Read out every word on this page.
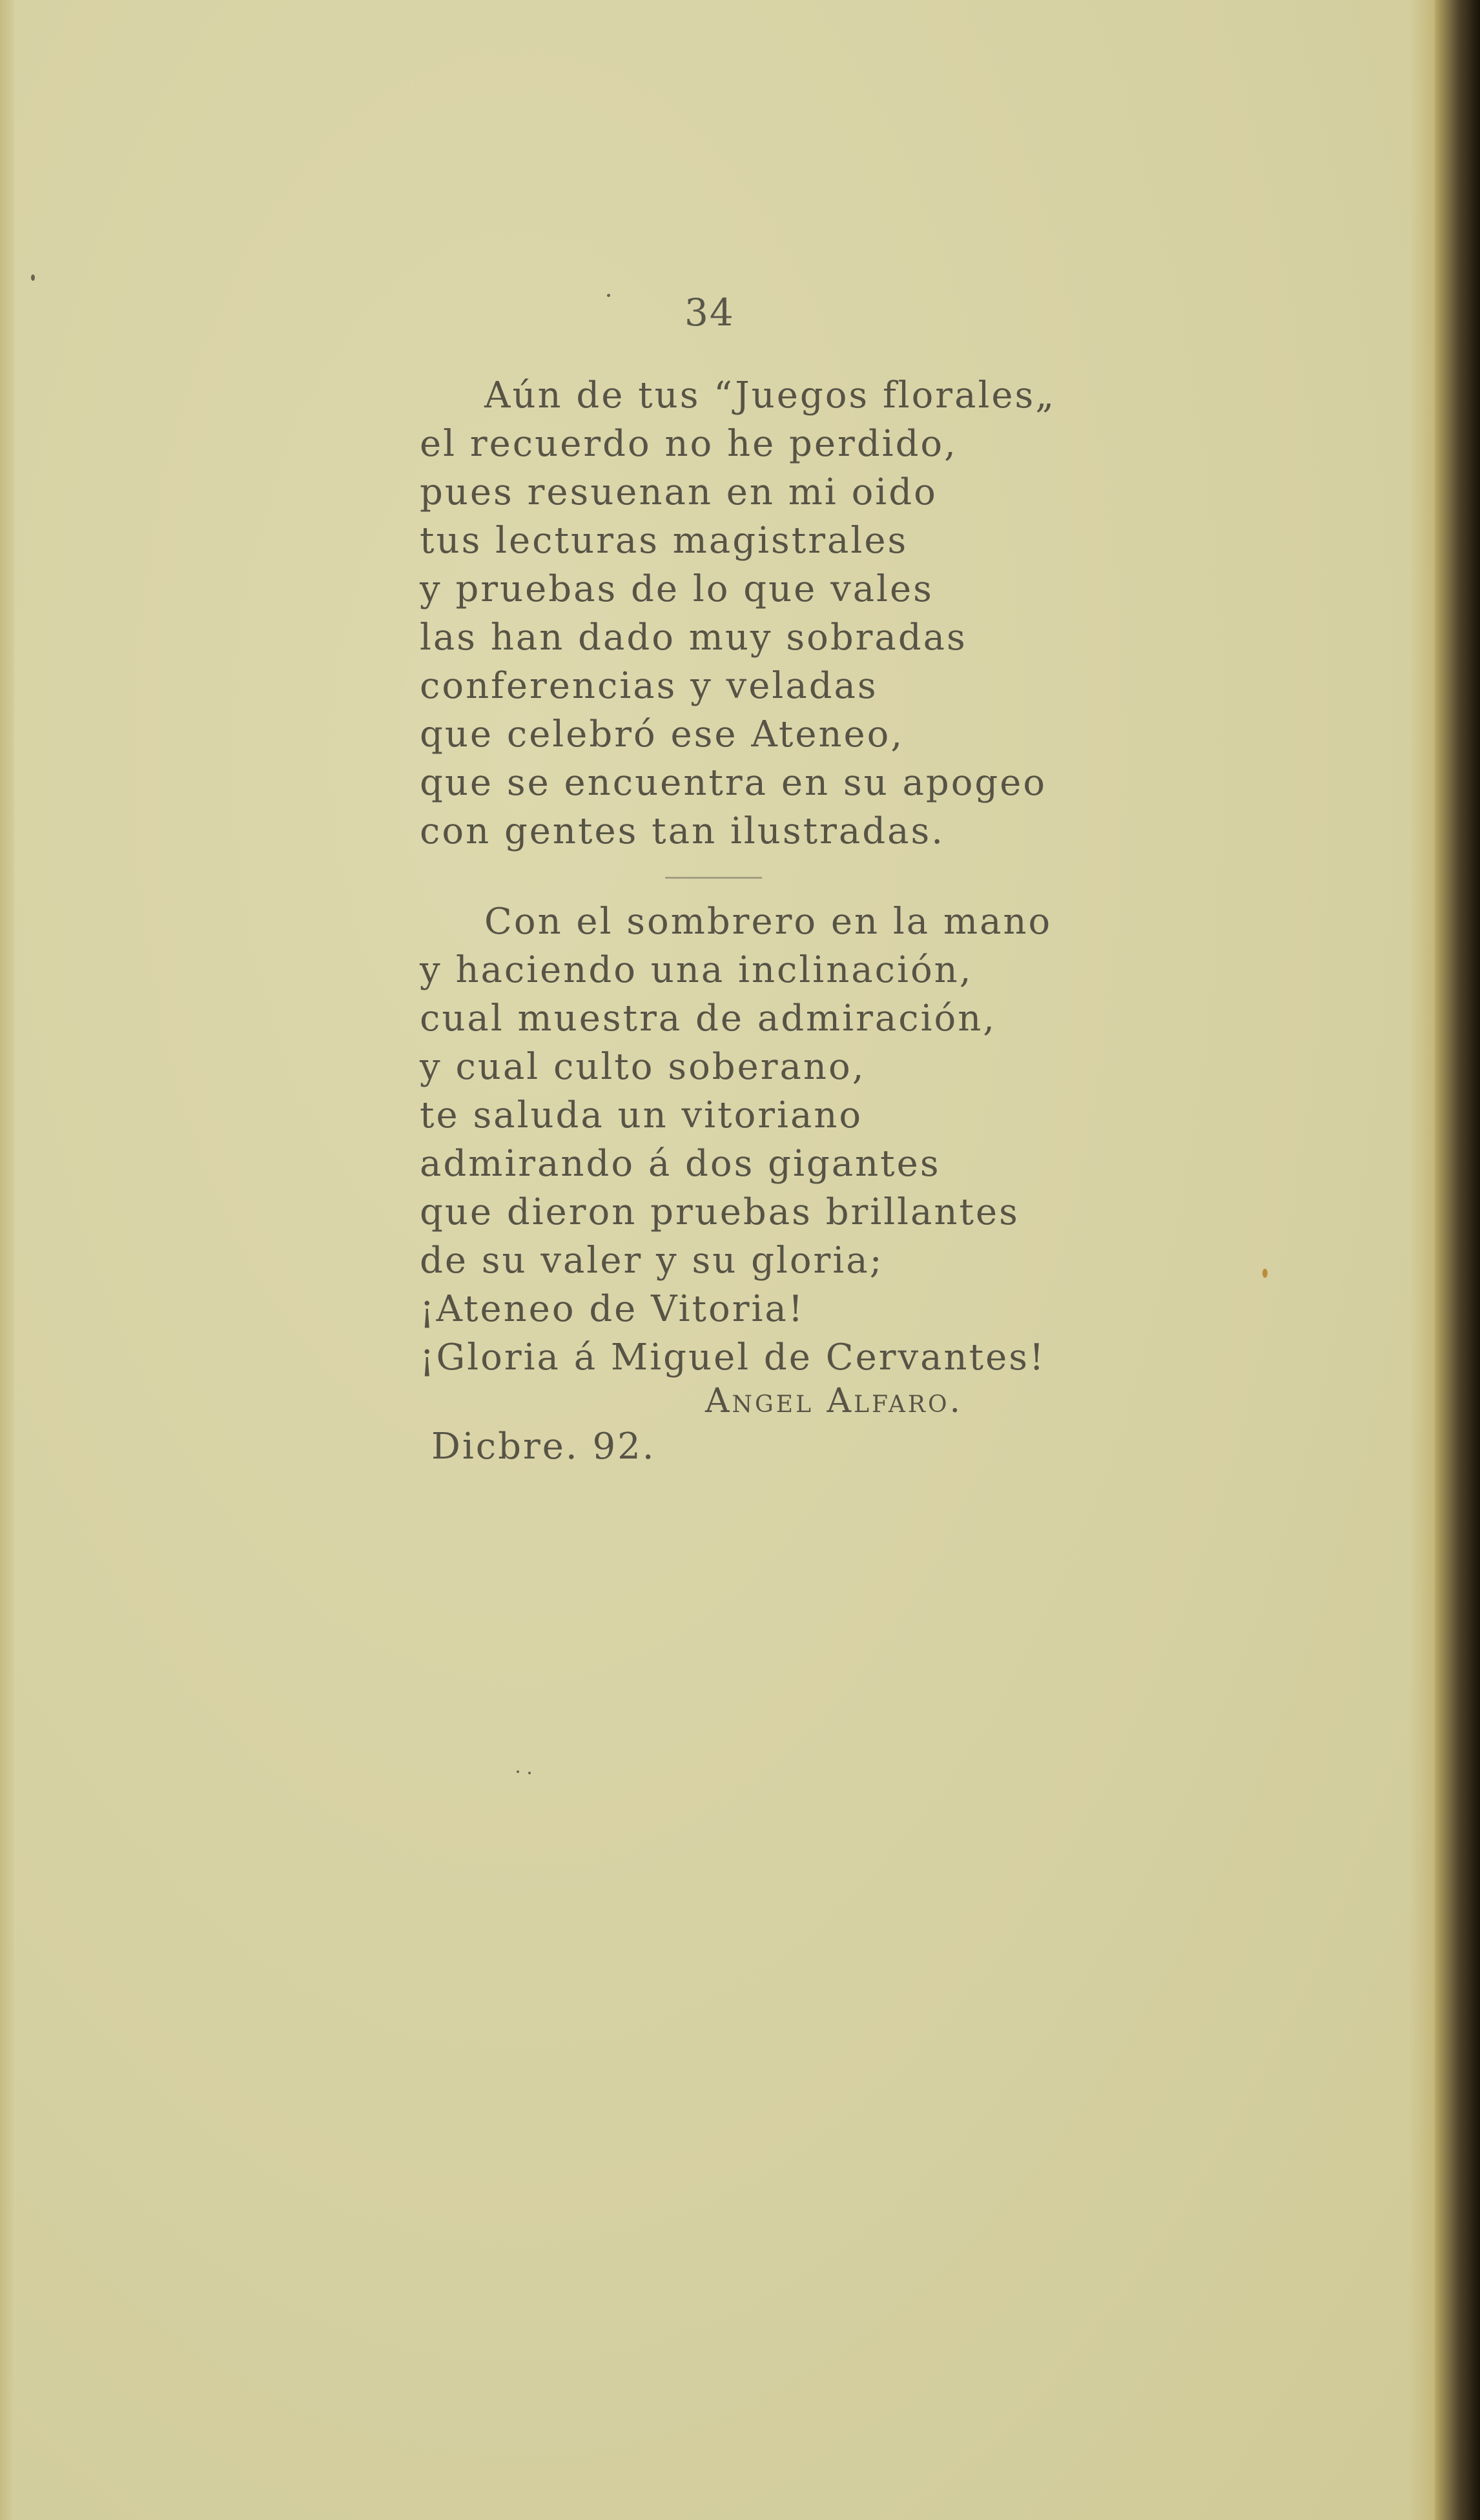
34
Aún de tus “Juegos florales„
el recuerdo no he perdido,
pues resuenan en mi oido
tus lecturas magistrales
y pruebas de lo que vales
las han dado muy sobradas
conferencias y veladas
que celebró ese Ateneo,
que se encuentra en su apogeo
con gentes tan ilustradas.
Con el sombrero en la mano
y haciendo una inclinación,
cual muestra de admiración,
y cual culto soberano,
te saluda un vitoriano
admirando á dos gigantes
que dieron pruebas brillantes
de su valer y su gloria;
¡Ateneo de Vitoria!
¡Gloria á Miguel de Cervantes!
Angel Alfaro.
Dicbre. 92.
